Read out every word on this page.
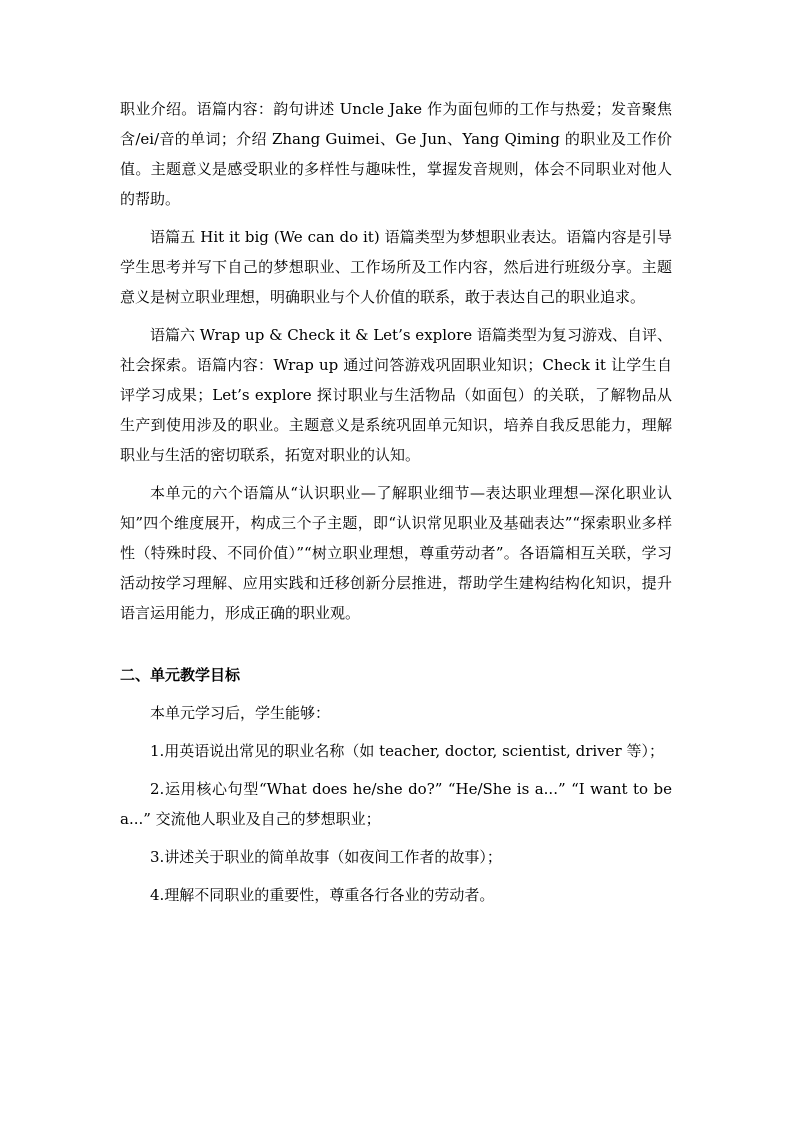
职业介绍。语篇内容：韵句讲述 Uncle Jake 作为面包师的工作与热爱；发音聚焦含/ei/音的单词；介绍 Zhang Guimei、Ge Jun、Yang Qiming 的职业及工作价值。主题意义是感受职业的多样性与趣味性，掌握发音规则，体会不同职业对他人的帮助。

语篇五 Hit it big (We can do it) 语篇类型为梦想职业表达。语篇内容是引导学生思考并写下自己的梦想职业、工作场所及工作内容，然后进行班级分享。主题意义是树立职业理想，明确职业与个人价值的联系，敢于表达自己的职业追求。

语篇六 Wrap up & Check it & Let’s explore 语篇类型为复习游戏、自评、社会探索。语篇内容：Wrap up 通过问答游戏巩固职业知识；Check it 让学生自评学习成果；Let’s explore 探讨职业与生活物品（如面包）的关联，了解物品从生产到使用涉及的职业。主题意义是系统巩固单元知识，培养自我反思能力，理解职业与生活的密切联系，拓宽对职业的认知。

本单元的六个语篇从“认识职业—了解职业细节—表达职业理想—深化职业认知”四个维度展开，构成三个子主题，即“认识常见职业及基础表达”“探索职业多样性（特殊时段、不同价值）”“树立职业理想，尊重劳动者”。各语篇相互关联，学习活动按学习理解、应用实践和迁移创新分层推进，帮助学生建构结构化知识，提升语言运用能力，形成正确的职业观。

二、单元教学目标

本单元学习后，学生能够：

1.用英语说出常见的职业名称（如 teacher, doctor, scientist, driver 等）；

2.运用核心句型“What does he/she do?” “He/She is a...” “I want to be a...” 交流他人职业及自己的梦想职业；

3.讲述关于职业的简单故事（如夜间工作者的故事）；

4.理解不同职业的重要性，尊重各行各业的劳动者。
